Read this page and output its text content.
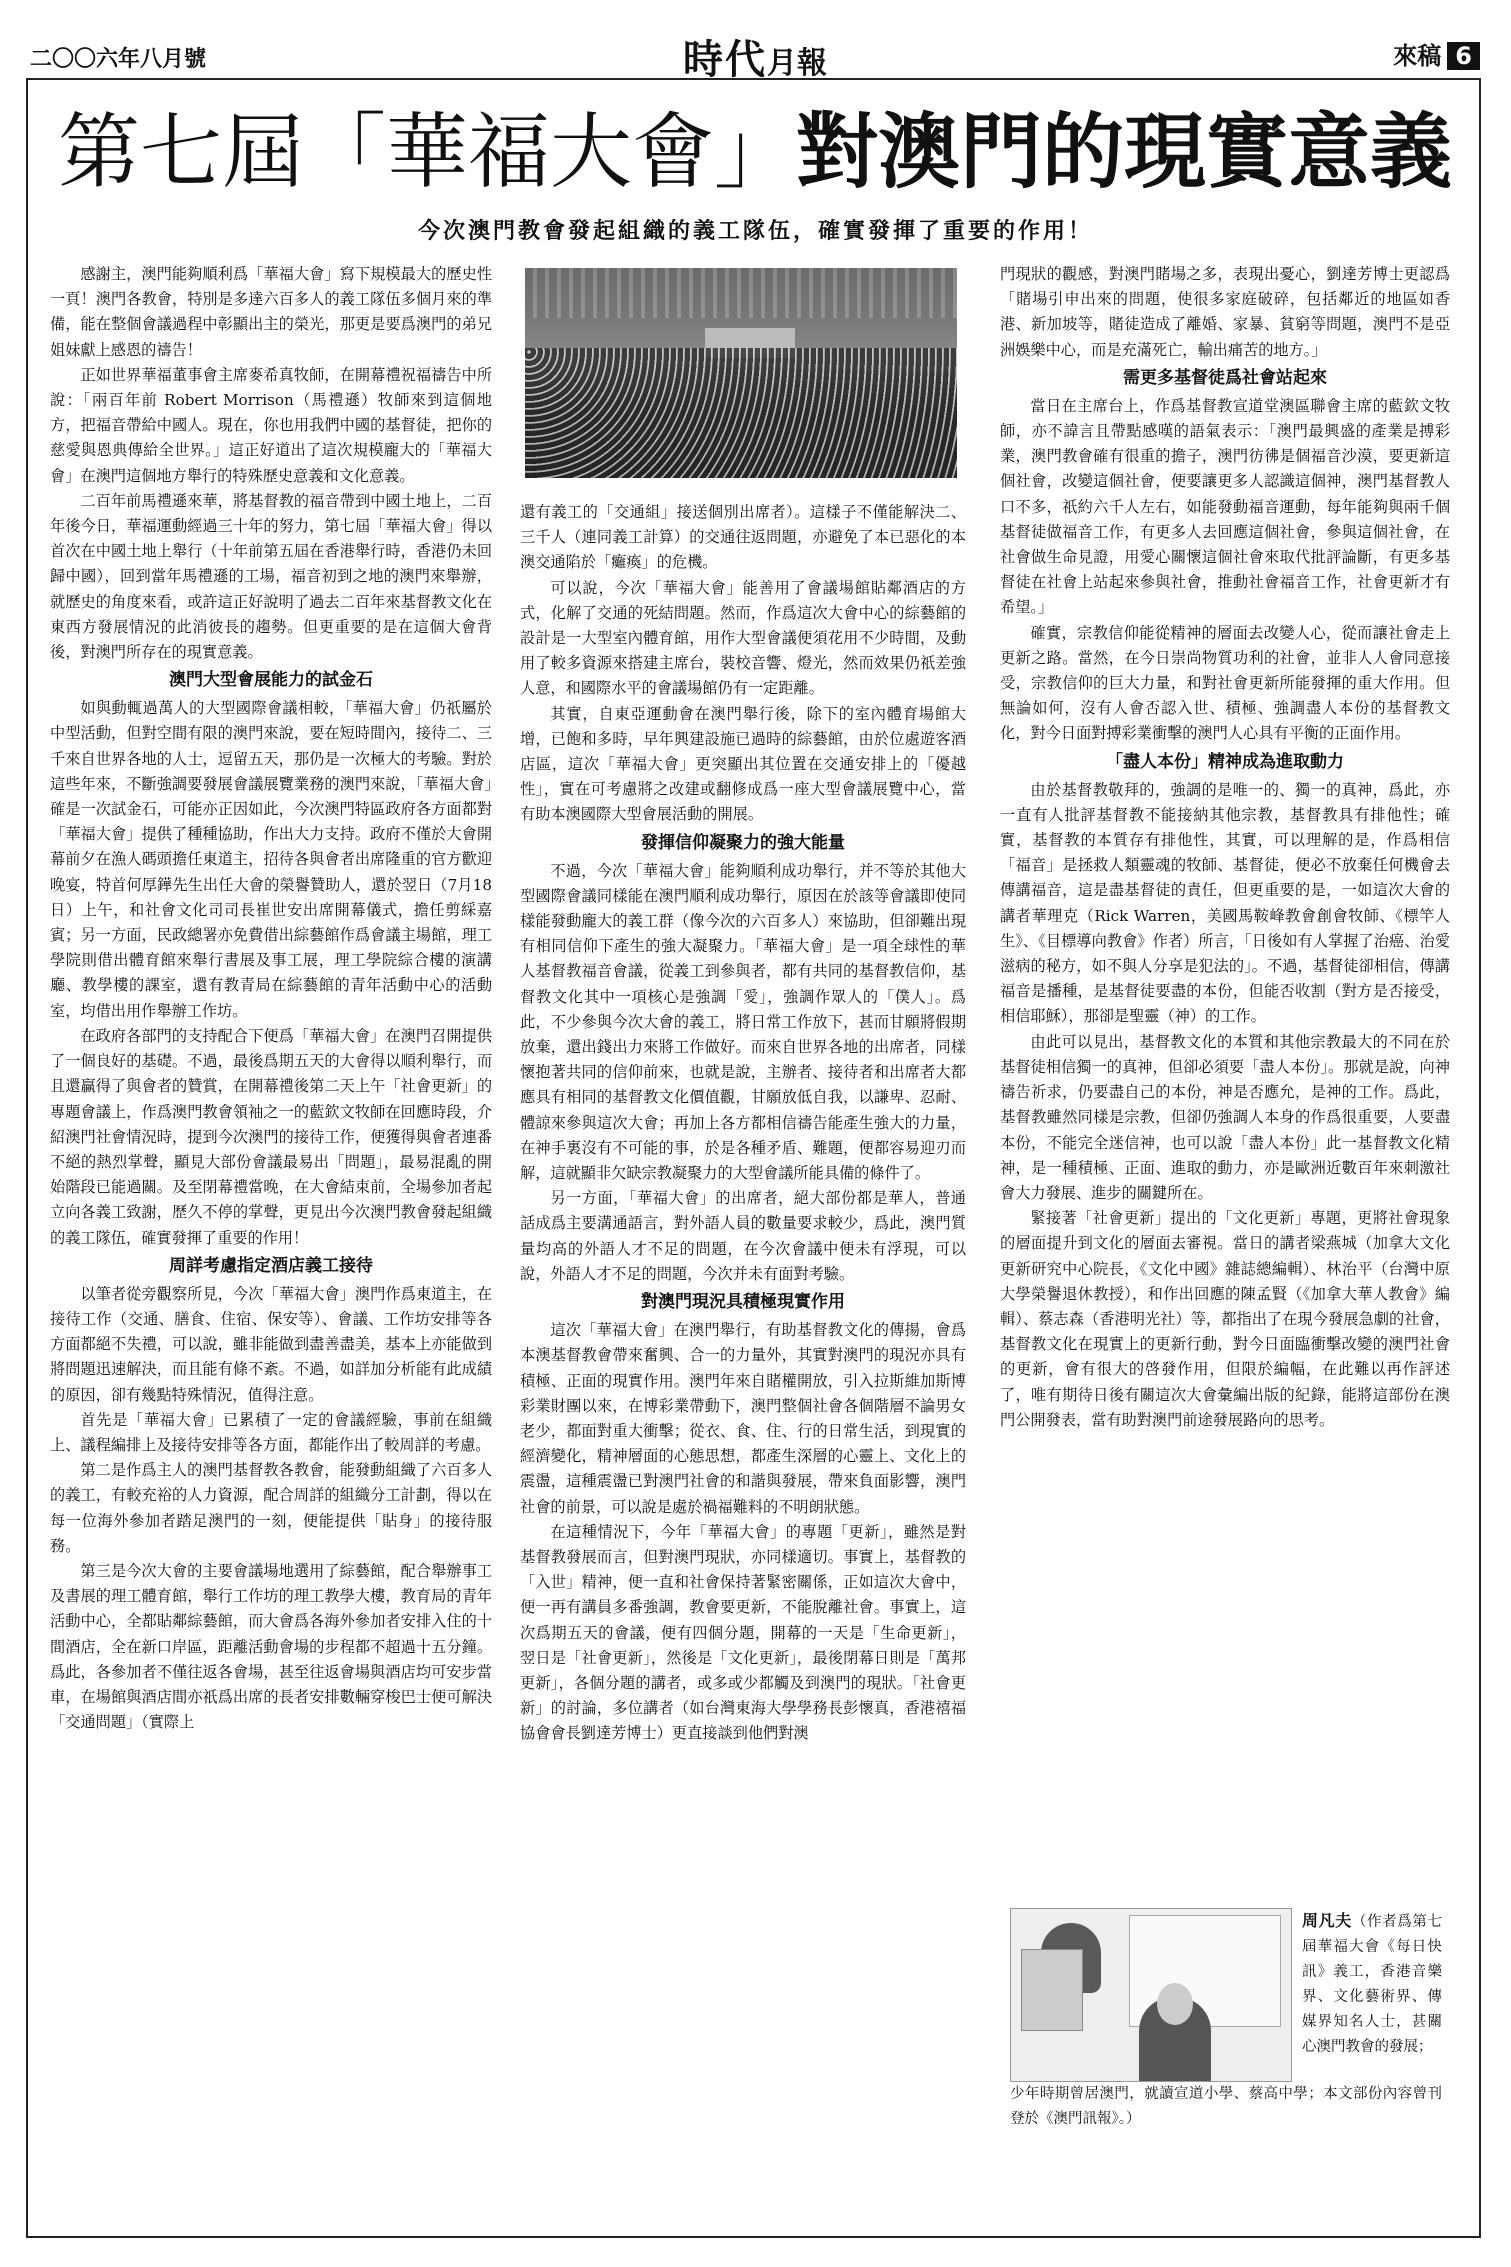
二〇〇六年八月號	時代月報	來稿 6
第七屆「華福大會」對澳門的現實意義
今次澳門教會發起組織的義工隊伍，確實發揮了重要的作用！

感謝主，澳門能夠順利爲「華福大會」寫下規模最大的歷史性一頁！澳門各教會，特別是多達六百多人的義工隊伍多個月來的準備，能在整個會議過程中彰顯出主的榮光，那更是要爲澳門的弟兄姐妹獻上感恩的禱告！

正如世界華福董事會主席麥希真牧師，在開幕禮祝福禱告中所說：「兩百年前 Robert Morrison（馬禮遜）牧師來到這個地方，把福音帶給中國人。現在，你也用我們中國的基督徒，把你的慈愛與恩典傳給全世界。」這正好道出了這次規模龐大的「華福大會」在澳門這個地方舉行的特殊歷史意義和文化意義。

二百年前馬禮遜來華，將基督教的福音帶到中國土地上，二百年後今日，華福運動經過三十年的努力，第七屆「華福大會」得以首次在中國土地上舉行（十年前第五屆在香港舉行時，香港仍未回歸中國），回到當年馬禮遜的工場，福音初到之地的澳門來舉辦，就歷史的角度來看，或許這正好說明了過去二百年來基督教文化在東西方發展情況的此消彼長的趨勢。但更重要的是在這個大會背後，對澳門所存在的現實意義。

澳門大型會展能力的試金石

如與動輒過萬人的大型國際會議相較，「華福大會」仍祇屬於中型活動，但對空間有限的澳門來說，要在短時間內，接待二、三千來自世界各地的人士，逗留五天，那仍是一次極大的考驗。對於這些年來，不斷強調要發展會議展覽業務的澳門來說，「華福大會」確是一次試金石，可能亦正因如此，今次澳門特區政府各方面都對「華福大會」提供了種種協助，作出大力支持。政府不僅於大會開幕前夕在漁人碼頭擔任東道主，招待各與會者出席隆重的官方歡迎晚宴，特首何厚鏵先生出任大會的榮譽贊助人，還於翌日（7月18日）上午，和社會文化司司長崔世安出席開幕儀式，擔任剪綵嘉賓；另一方面，民政總署亦免費借出綜藝館作爲會議主場館，理工學院則借出體育館來舉行書展及事工展，理工學院綜合樓的演講廳、教學樓的課室，還有教青局在綜藝館的青年活動中心的活動室，均借出用作舉辦工作坊。

在政府各部門的支持配合下便爲「華福大會」在澳門召開提供了一個良好的基礎。不過，最後爲期五天的大會得以順利舉行，而且還贏得了與會者的贊賞，在開幕禮後第二天上午「社會更新」的專題會議上，作爲澳門教會領袖之一的藍欽文牧師在回應時段，介紹澳門社會情況時，提到今次澳門的接待工作，便獲得與會者連番不絕的熱烈掌聲，顯見大部份會議最易出「問題」，最易混亂的開始階段已能過關。及至閉幕禮當晚，在大會結束前，全場參加者起立向各義工致謝，歷久不停的掌聲，更見出今次澳門教會發起組織的義工隊伍，確實發揮了重要的作用！

周詳考慮指定酒店義工接待

以筆者從旁觀察所見，今次「華福大會」澳門作爲東道主，在接待工作（交通、膳食、住宿、保安等）、會議、工作坊安排等各方面都絕不失禮，可以說，雖非能做到盡善盡美，基本上亦能做到將問題迅速解決，而且能有條不紊。不過，如詳加分析能有此成績的原因，卻有幾點特殊情況，值得注意。

首先是「華福大會」已累積了一定的會議經驗，事前在組織上、議程編排上及接待安排等各方面，都能作出了較周詳的考慮。

第二是作爲主人的澳門基督教各教會，能發動組織了六百多人的義工，有較充裕的人力資源，配合周詳的組織分工計劃，得以在每一位海外參加者踏足澳門的一刻，便能提供「貼身」的接待服務。

第三是今次大會的主要會議場地選用了綜藝館，配合舉辦事工及書展的理工體育館，舉行工作坊的理工教學大樓，教育局的青年活動中心，全都貼鄰綜藝館，而大會爲各海外參加者安排入住的十間酒店，全在新口岸區，距離活動會場的步程都不超過十五分鐘。爲此，各參加者不僅往返各會場，甚至往返會場與酒店均可安步當車，在場館與酒店間亦祇爲出席的長者安排數輛穿梭巴士便可解決「交通問題」（實際上

還有義工的「交通組」接送個別出席者）。這樣子不僅能解決二、三千人（連同義工計算）的交通往返問題，亦避免了本已惡化的本澳交通陷於「癱瘓」的危機。

可以說，今次「華福大會」能善用了會議場館貼鄰酒店的方式，化解了交通的死結問題。然而，作爲這次大會中心的綜藝館的設計是一大型室內體育館，用作大型會議便須花用不少時間，及動用了較多資源來搭建主席台，裝校音響、燈光，然而效果仍祇差強人意，和國際水平的會議場館仍有一定距離。

其實，自東亞運動會在澳門舉行後，除下的室內體育場館大增，已飽和多時，早年興建設施已過時的綜藝館，由於位處遊客酒店區，這次「華福大會」更突顯出其位置在交通安排上的「優越性」，實在可考慮將之改建或翻修成爲一座大型會議展覽中心，當有助本澳國際大型會展活動的開展。

發揮信仰凝聚力的強大能量

不過，今次「華福大會」能夠順利成功舉行，并不等於其他大型國際會議同樣能在澳門順利成功舉行，原因在於該等會議即使同樣能發動龐大的義工群（像今次的六百多人）來協助，但卻難出現有相同信仰下產生的強大凝聚力。「華福大會」是一項全球性的華人基督教福音會議，從義工到參與者，都有共同的基督教信仰，基督教文化其中一項核心是強調「愛」，強調作眾人的「僕人」。爲此，不少參與今次大會的義工，將日常工作放下，甚而甘願將假期放棄，還出錢出力來將工作做好。而來自世界各地的出席者，同樣懷抱著共同的信仰前來，也就是說，主辦者、接待者和出席者大都應具有相同的基督教文化價值觀，甘願放低自我，以謙卑、忍耐、體諒來參與這次大會；再加上各方都相信禱告能產生強大的力量，在神手裏沒有不可能的事，於是各種矛盾、難題，便都容易迎刃而解，這就顯非欠缺宗教凝聚力的大型會議所能具備的條件了。

另一方面，「華福大會」的出席者，絕大部份都是華人，普通話成爲主要溝通語言，對外語人員的數量要求較少，爲此，澳門質量均高的外語人才不足的問題，在今次會議中便未有浮現，可以說，外語人才不足的問題，今次并未有面對考驗。

對澳門現況具積極現實作用

這次「華福大會」在澳門舉行，有助基督教文化的傳揚，會爲本澳基督教會帶來奮興、合一的力量外，其實對澳門的現況亦具有積極、正面的現實作用。澳門年來自賭權開放，引入拉斯維加斯博彩業財團以來，在博彩業帶動下，澳門整個社會各個階層不論男女老少，都面對重大衝擊；從衣、食、住、行的日常生活，到現實的經濟變化，精神層面的心態思想，都產生深層的心靈上、文化上的震盪，這種震盪已對澳門社會的和諧與發展，帶來負面影響，澳門社會的前景，可以說是處於禍福難料的不明朗狀態。

在這種情況下，今年「華福大會」的專題「更新」，雖然是對基督教發展而言，但對澳門現狀，亦同樣適切。事實上，基督教的「入世」精神，便一直和社會保持著緊密關係，正如這次大會中，便一再有講員多番強調，教會要更新，不能脫離社會。事實上，這次爲期五天的會議，便有四個分題，開幕的一天是「生命更新」，翌日是「社會更新」，然後是「文化更新」，最後閉幕日則是「萬邦更新」，各個分題的講者，或多或少都觸及到澳門的現狀。「社會更新」的討論，多位講者（如台灣東海大學學務長彭懷真，香港禧福協會會長劉達芳博士）更直接談到他們對澳

門現狀的觀感，對澳門賭場之多，表現出憂心，劉達芳博士更認爲「賭場引申出來的問題，使很多家庭破碎，包括鄰近的地區如香港、新加坡等，賭徒造成了離婚、家暴、貧窮等問題，澳門不是亞洲娛樂中心，而是充滿死亡，輸出痛苦的地方。」

需更多基督徒爲社會站起來

當日在主席台上，作爲基督教宣道堂澳區聯會主席的藍欽文牧師，亦不諱言且帶點感嘆的語氣表示：「澳門最興盛的產業是搏彩業，澳門教會確有很重的擔子，澳門彷彿是個福音沙漠，要更新這個社會，改變這個社會，便要讓更多人認識這個神，澳門基督教人口不多，祇約六千人左右，如能發動福音運動，每年能夠與兩千個基督徒做福音工作，有更多人去回應這個社會，參與這個社會，在社會做生命見證，用愛心關懷這個社會來取代批評論斷，有更多基督徒在社會上站起來參與社會，推動社會福音工作，社會更新才有希望。」

確實，宗教信仰能從精神的層面去改變人心，從而讓社會走上更新之路。當然，在今日崇尚物質功利的社會，並非人人會同意接受，宗教信仰的巨大力量，和對社會更新所能發揮的重大作用。但無論如何，沒有人會否認入世、積極、強調盡人本份的基督教文化，對今日面對搏彩業衝擊的澳門人心具有平衡的正面作用。

「盡人本份」精神成為進取動力

由於基督教敬拜的，強調的是唯一的、獨一的真神，爲此，亦一直有人批評基督教不能接納其他宗教，基督教具有排他性；確實，基督教的本質存有排他性，其實，可以理解的是，作爲相信「福音」是拯救人類靈魂的牧師、基督徒，便必不放棄任何機會去傳講福音，這是盡基督徒的責任，但更重要的是，一如這次大會的講者華理克（Rick Warren，美國馬鞍峰教會創會牧師、《標竿人生》、《目標導向教會》作者）所言，「日後如有人掌握了治癌、治愛滋病的秘方，如不與人分享是犯法的」。不過，基督徒卻相信，傳講福音是播種，是基督徒要盡的本份，但能否收割（對方是否接受，相信耶穌），那卻是聖靈（神）的工作。

由此可以見出，基督教文化的本質和其他宗教最大的不同在於基督徒相信獨一的真神，但卻必須要「盡人本份」。那就是說，向神禱告祈求，仍要盡自己的本份，神是否應允，是神的工作。爲此，基督教雖然同樣是宗教，但卻仍強調人本身的作爲很重要，人要盡本份，不能完全迷信神，也可以說「盡人本份」此一基督教文化精神，是一種積極、正面、進取的動力，亦是歐洲近數百年來刺激社會大力發展、進步的關鍵所在。

緊接著「社會更新」提出的「文化更新」專題，更將社會現象的層面提升到文化的層面去審視。當日的講者梁燕城（加拿大文化更新研究中心院長，《文化中國》雜誌總編輯）、林治平（台灣中原大學榮譽退休教授），和作出回應的陳孟賢（《加拿大華人教會》編輯）、蔡志森（香港明光社）等，都指出了在現今發展急劇的社會，基督教文化在現實上的更新行動，對今日面臨衝擊改變的澳門社會的更新，會有很大的啓發作用，但限於編幅，在此難以再作評述了，唯有期待日後有關這次大會彙編出版的紀錄，能將這部份在澳門公開發表，當有助對澳門前途發展路向的思考。

周凡夫（作者爲第七屆華福大會《每日快訊》義工，香港音樂界、文化藝術界、傳媒界知名人士，甚關心澳門教會的發展；
少年時期曾居澳門，就讀宣道小學、蔡高中學；本文部份內容曾刊登於《澳門訊報》。）
